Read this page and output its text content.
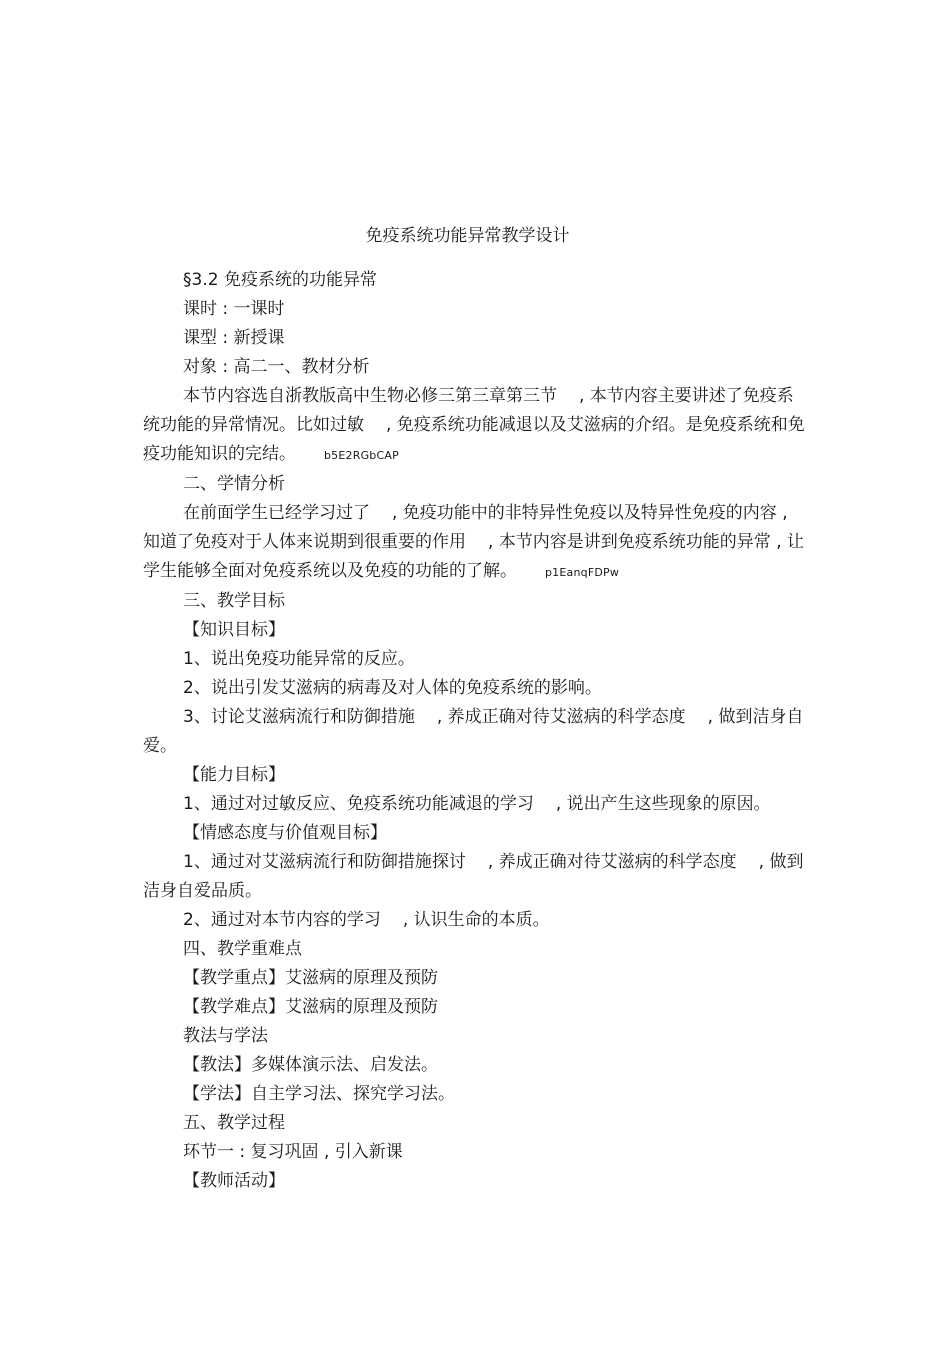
免疫系统功能异常教学设计

§3.2 免疫系统的功能异常

课时 : 一课时

课型 : 新授课

对象 : 高二一、教材分析

本节内容选自浙教版高中生物必修三第三章第三节 , 本节内容主要讲述了免疫系统功能的异常情况。比如过敏 , 免疫系统功能减退以及艾滋病的介绍。是免疫系统和免疫功能知识的完结。	b5E2RGbCAP

二、学情分析

在前面学生已经学习过了 , 免疫功能中的非特异性免疫以及特异性免疫的内容 , 知道了免疫对于人体来说期到很重要的作用 , 本节内容是讲到免疫系统功能的异常 , 让学生能够全面对免疫系统以及免疫的功能的了解。	p1EanqFDPw

三、教学目标

【知识目标】

1、说出免疫功能异常的反应。

2、说出引发艾滋病的病毒及对人体的免疫系统的影响。

3、讨论艾滋病流行和防御措施 , 养成正确对待艾滋病的科学态度 , 做到洁身自爱。

【能力目标】

1、通过对过敏反应、免疫系统功能减退的学习 , 说出产生这些现象的原因。

【情感态度与价值观目标】

1、通过对艾滋病流行和防御措施探讨 , 养成正确对待艾滋病的科学态度 , 做到洁身自爱品质。

2、通过对本节内容的学习 , 认识生命的本质。

四、教学重难点

【教学重点】艾滋病的原理及预防

【教学难点】艾滋病的原理及预防

教法与学法

【教法】多媒体演示法、启发法。

【学法】自主学习法、探究学习法。

五、教学过程

环节一 : 复习巩固 , 引入新课

【教师活动】
